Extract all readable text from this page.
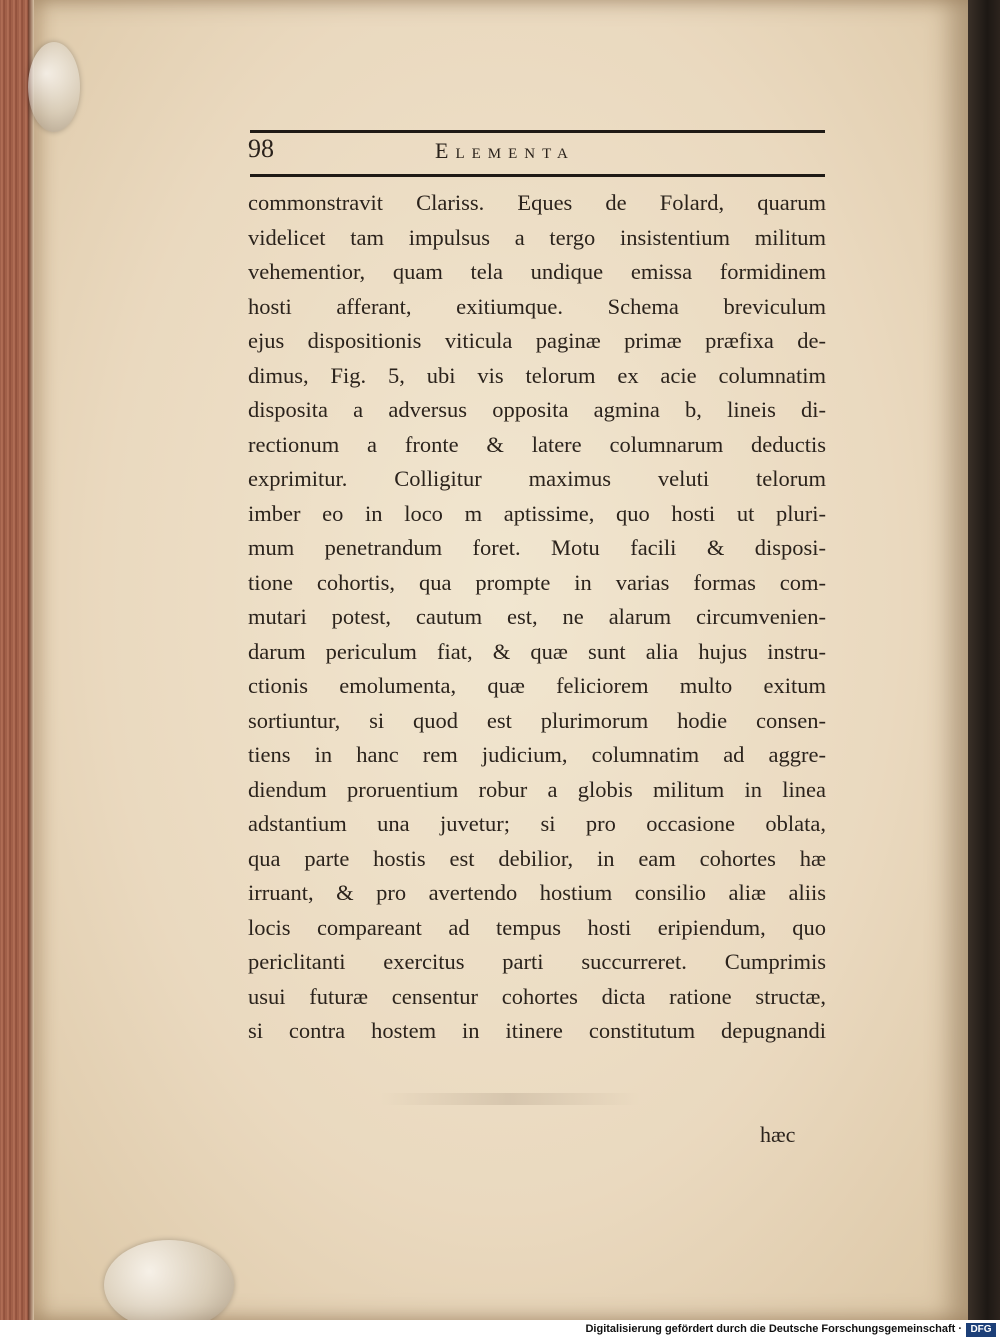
98	Elementa
commonstravit Clariss. Eques de Folard, quarum
videlicet tam impulsus a tergo insistentium militum
vehementior, quam tela undique emissa formidinem
hosti afferant, exitiumque. Schema breviculum
ejus dispositionis viticula paginæ primæ præfixa de-
dimus, Fig. 5, ubi vis telorum ex acie columnatim
disposita a adversus opposita agmina b, lineis di-
rectionum a fronte & latere columnarum deductis
exprimitur. Colligitur maximus veluti telorum
imber eo in loco m aptissime, quo hosti ut pluri-
mum penetrandum foret. Motu facili & disposi-
tione cohortis, qua prompte in varias formas com-
mutari potest, cautum est, ne alarum circumvenien-
darum periculum fiat, & quæ sunt alia hujus instru-
ctionis emolumenta, quæ feliciorem multo exitum
sortiuntur, si quod est plurimorum hodie consen-
tiens in hanc rem judicium, columnatim ad aggre-
diendum proruentium robur a globis militum in linea
adstantium una juvetur; si pro occasione oblata,
qua parte hostis est debilior, in eam cohortes hæ
irruant, & pro avertendo hostium consilio aliæ aliis
locis compareant ad tempus hosti eripiendum, quo
periclitanti exercitus parti succurreret. Cumprimis
usui futuræ censentur cohortes dicta ratione structæ,
si contra hostem in itinere constitutum depugnandi
hæc
Digitalisierung gefördert durch die Deutsche Forschungsgemeinschaft · DFG
